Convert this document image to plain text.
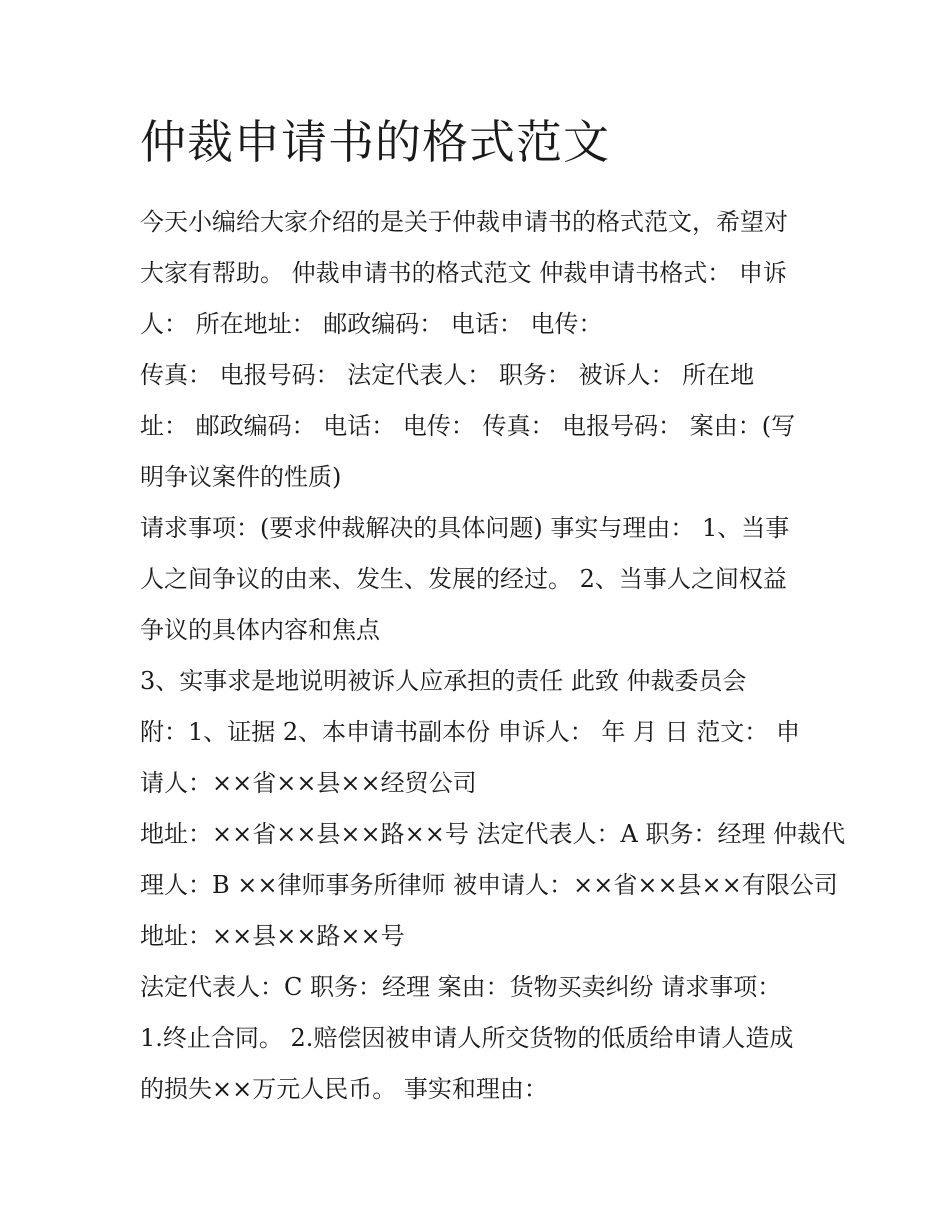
仲裁申请书的格式范文

今天小编给大家介绍的是关于仲裁申请书的格式范文，希望对

大家有帮助。 仲裁申请书的格式范文 仲裁申请书格式： 申诉

人： 所在地址： 邮政编码： 电话： 电传：

传真： 电报号码： 法定代表人： 职务： 被诉人： 所在地

址： 邮政编码： 电话： 电传： 传真： 电报号码： 案由：(写

明争议案件的性质)

请求事项：(要求仲裁解决的具体问题) 事实与理由： 1、当事

人之间争议的由来、发生、发展的经过。 2、当事人之间权益

争议的具体内容和焦点

3、实事求是地说明被诉人应承担的责任 此致 仲裁委员会

附：1、证据 2、本申请书副本份 申诉人： 年 月 日 范文： 申

请人：××省××县××经贸公司

地址：××省××县××路××号 法定代表人：A 职务：经理 仲裁代

理人：B ××律师事务所律师 被申请人：××省××县××有限公司

地址：××县××路××号

法定代表人：C 职务：经理 案由：货物买卖纠纷 请求事项：

1.终止合同。 2.赔偿因被申请人所交货物的低质给申请人造成

的损失××万元人民币。 事实和理由：
